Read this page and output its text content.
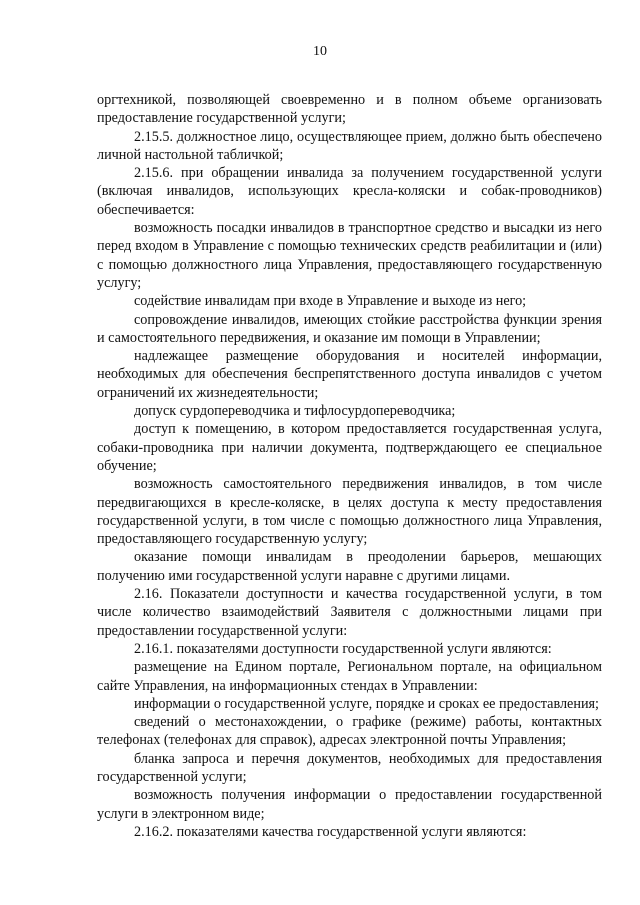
10

оргтехникой, позволяющей своевременно и в полном объеме организовать предоставление государственной услуги;

2.15.5. должностное лицо, осуществляющее прием, должно быть обеспечено личной настольной табличкой;

2.15.6. при обращении инвалида за получением государственной услуги (включая инвалидов, использующих кресла-коляски и собак-проводников) обеспечивается:

возможность посадки инвалидов в транспортное средство и высадки из него перед входом в Управление с помощью технических средств реабилитации и (или) с помощью должностного лица Управления, предоставляющего государственную услугу;

содействие инвалидам при входе в Управление и выходе из него;

сопровождение инвалидов, имеющих стойкие расстройства функции зрения и самостоятельного передвижения, и оказание им помощи в Управлении;

надлежащее размещение оборудования и носителей информации, необходимых для обеспечения беспрепятственного доступа инвалидов с учетом ограничений их жизнедеятельности;

допуск сурдопереводчика и тифлосурдопереводчика;

доступ к помещению, в котором предоставляется государственная услуга, собаки-проводника при наличии документа, подтверждающего ее специальное обучение;

возможность самостоятельного передвижения инвалидов, в том числе передвигающихся в кресле-коляске, в целях доступа к месту предоставления государственной услуги, в том числе с помощью должностного лица Управления, предоставляющего государственную услугу;

оказание помощи инвалидам в преодолении барьеров, мешающих получению ими государственной услуги наравне с другими лицами.

2.16. Показатели доступности и качества государственной услуги, в том числе количество взаимодействий Заявителя с должностными лицами при предоставлении государственной услуги:

2.16.1. показателями доступности государственной услуги являются:

размещение на Едином портале, Региональном портале, на официальном сайте Управления, на информационных стендах в Управлении:

информации о государственной услуге, порядке и сроках ее предоставления;

сведений о местонахождении, о графике (режиме) работы, контактных телефонах (телефонах для справок), адресах электронной почты Управления;

бланка запроса и перечня документов, необходимых для предоставления государственной услуги;

возможность получения информации о предоставлении государственной услуги в электронном виде;

2.16.2. показателями качества государственной услуги являются:
